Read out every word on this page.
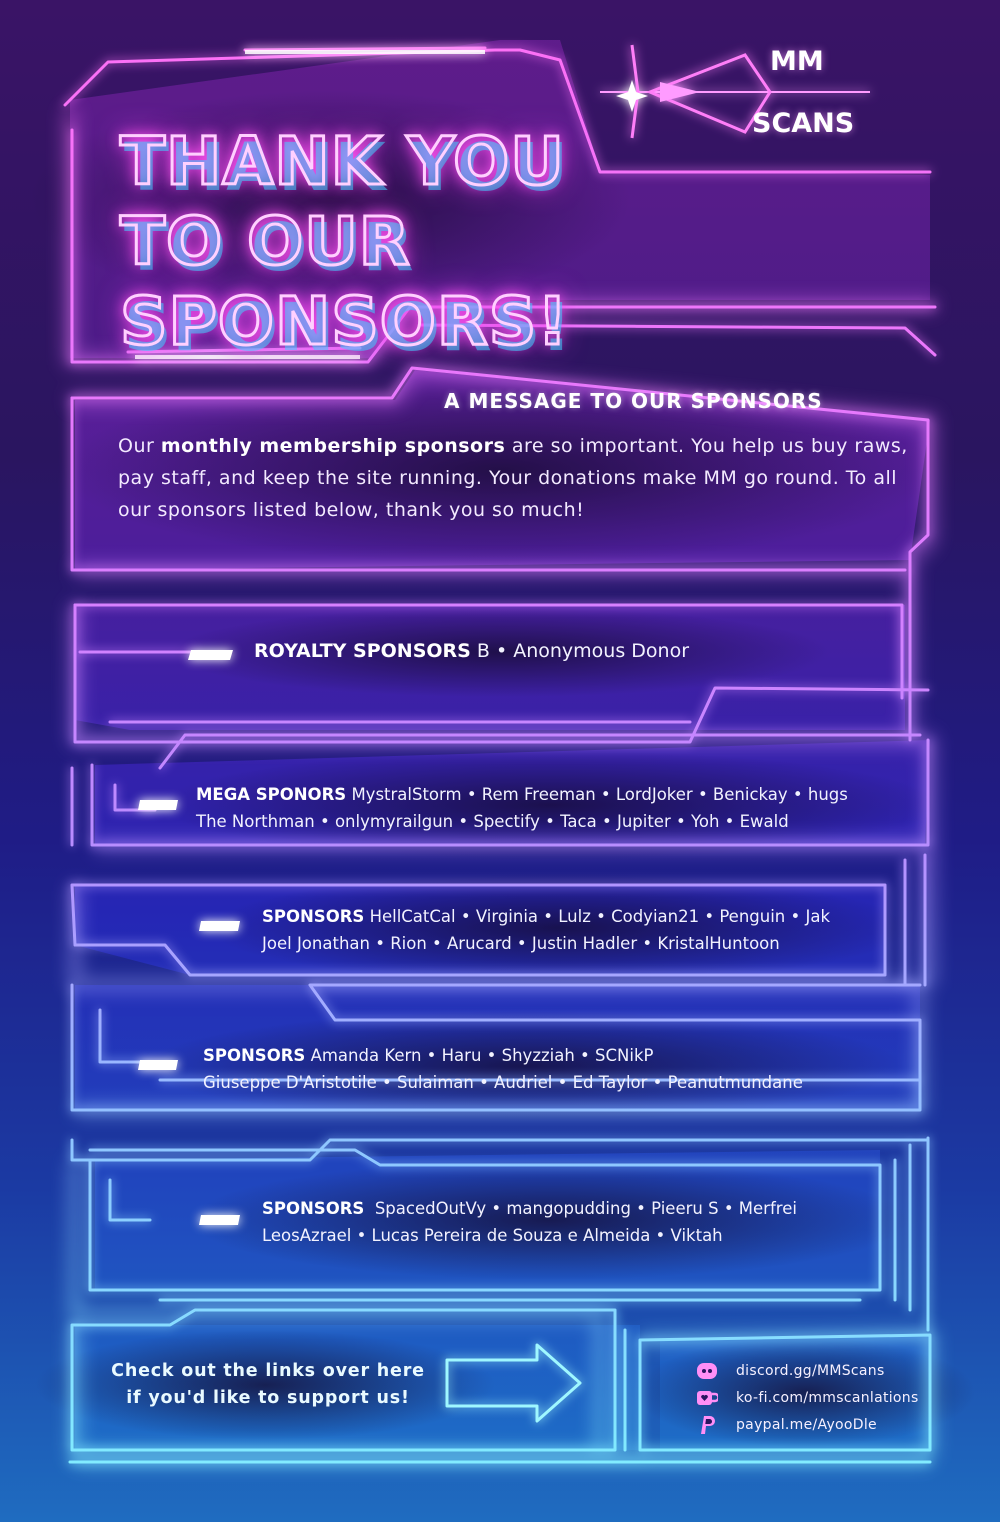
MM
SCANS
THANK YOU
TO OUR SPONSORS!
A MESSAGE TO OUR SPONSORS

Our monthly membership sponsors are so important. You help us buy raws, pay staff, and keep the site running. Your donations make MM go round. To all our sponsors listed below, thank you so much!

ROYALTY SPONSORS B • Anonymous Donor

MEGA SPONORS MystralStorm • Rem Freeman • LordJoker • Benickay • hugs
The Northman • onlymyrailgun • Spectify • Taca • Jupiter • Yoh • Ewald

SPONSORS HellCatCal • Virginia • Lulz • Codyian21 • Penguin • Jak
Joel Jonathan • Rion • Arucard • Justin Hadler • KristalHuntoon

SPONSORS Amanda Kern • Haru • Shyzziah • SCNikP
Giuseppe D'Aristotile • Sulaiman • Audriel • Ed Taylor • Peanutmundane

SPONSORS SpacedOutVy • mangopudding • Pieeru S • Merfrei
LeosAzrael • Lucas Pereira de Souza e Almeida • Viktah

Check out the links over here
if you'd like to support us!

discord.gg/MMScans
ko-fi.com/mmscanlations
paypal.me/AyooDle
